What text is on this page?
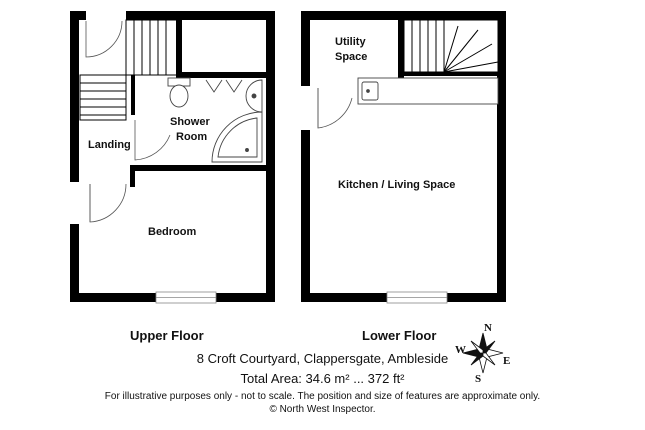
Landing
Shower
Room
Bedroom
Utility
Space
Kitchen / Living Space
N
S
E
W
Upper Floor	Lower Floor
8 Croft Courtyard, Clappersgate, Ambleside
Total Area: 34.6 m² ... 372 ft²
For illustrative purposes only - not to scale. The position and size of features are approximate only.
© North West Inspector.
